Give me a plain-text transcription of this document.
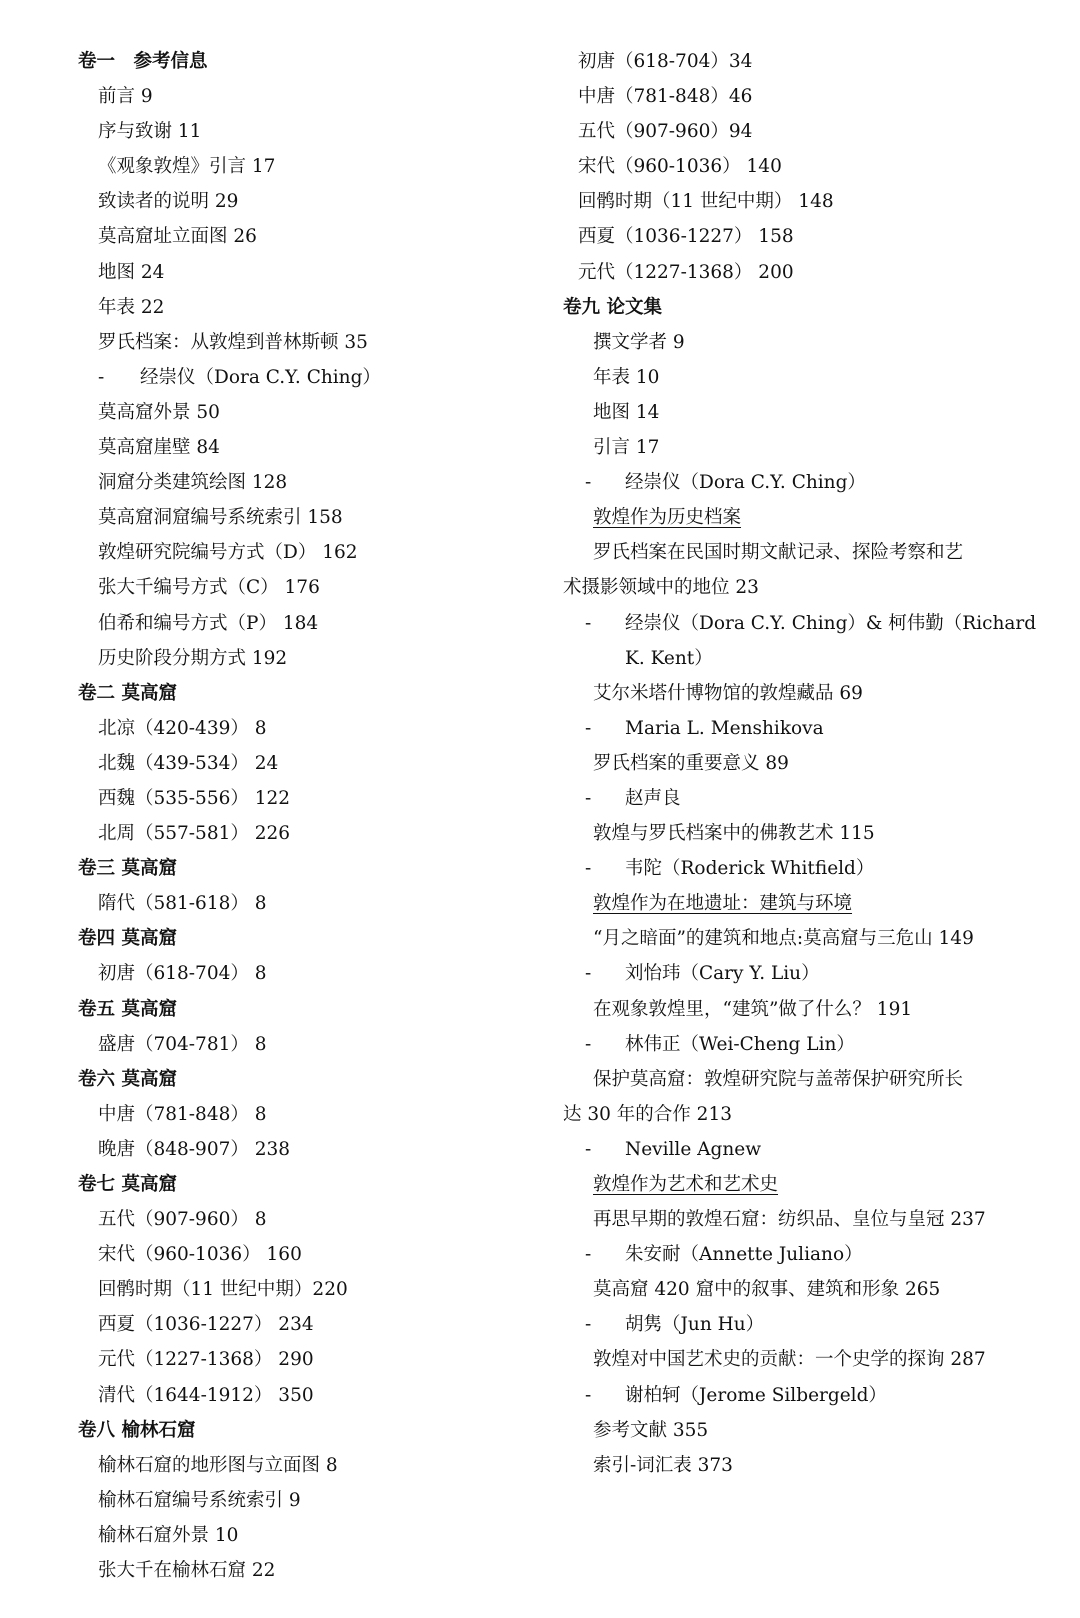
卷一　参考信息
前言 9
序与致谢 11
《观象敦煌》引言 17
致读者的说明 29
莫高窟址立面图 26
地图 24
年表 22
罗氏档案：从敦煌到普林斯顿 35
- 经崇仪（Dora C.Y. Ching）
莫高窟外景 50
莫高窟崖壁 84
洞窟分类建筑绘图 128
莫高窟洞窟编号系统索引 158
敦煌研究院编号方式（D） 162
张大千编号方式（C） 176
伯希和编号方式（P） 184
历史阶段分期方式 192
卷二 莫高窟
北凉（420-439） 8
北魏（439-534） 24
西魏（535-556） 122
北周（557-581） 226
卷三 莫高窟
隋代（581-618） 8
卷四 莫高窟
初唐（618-704） 8
卷五 莫高窟
盛唐（704-781） 8
卷六 莫高窟
中唐（781-848） 8
晚唐（848-907） 238
卷七 莫高窟
五代（907-960） 8
宋代（960-1036） 160
回鹘时期（11 世纪中期）220
西夏（1036-1227） 234
元代（1227-1368） 290
清代（1644-1912） 350
卷八 榆林石窟
榆林石窟的地形图与立面图 8
榆林石窟编号系统索引 9
榆林石窟外景 10
张大千在榆林石窟 22
初唐（618-704）34
中唐（781-848）46
五代（907-960）94
宋代（960-1036） 140
回鹘时期（11 世纪中期） 148
西夏（1036-1227） 158
元代（1227-1368） 200
卷九 论文集
撰文学者 9
年表 10
地图 14
引言 17
- 经崇仪（Dora C.Y. Ching）
敦煌作为历史档案
罗氏档案在民国时期文献记录、探险考察和艺
术摄影领域中的地位 23
- 经崇仪（Dora C.Y. Ching）& 柯伟勤（Richard
K. Kent）
艾尔米塔什博物馆的敦煌藏品 69
- Maria L. Menshikova
罗氏档案的重要意义 89
- 赵声良
敦煌与罗氏档案中的佛教艺术 115
- 韦陀（Roderick Whitfield）
敦煌作为在地遗址：建筑与环境
“月之暗面”的建筑和地点:莫高窟与三危山 149
- 刘怡玮（Cary Y. Liu）
在观象敦煌里，“建筑”做了什么？ 191
- 林伟正（Wei-Cheng Lin）
保护莫高窟：敦煌研究院与盖蒂保护研究所长
达 30 年的合作 213
- Neville Agnew
敦煌作为艺术和艺术史
再思早期的敦煌石窟：纺织品、皇位与皇冠 237
- 朱安耐（Annette Juliano）
莫高窟 420 窟中的叙事、建筑和形象 265
- 胡隽（Jun Hu）
敦煌对中国艺术史的贡献：一个史学的探询 287
- 谢柏轲（Jerome Silbergeld）
参考文献 355
索引-词汇表 373
